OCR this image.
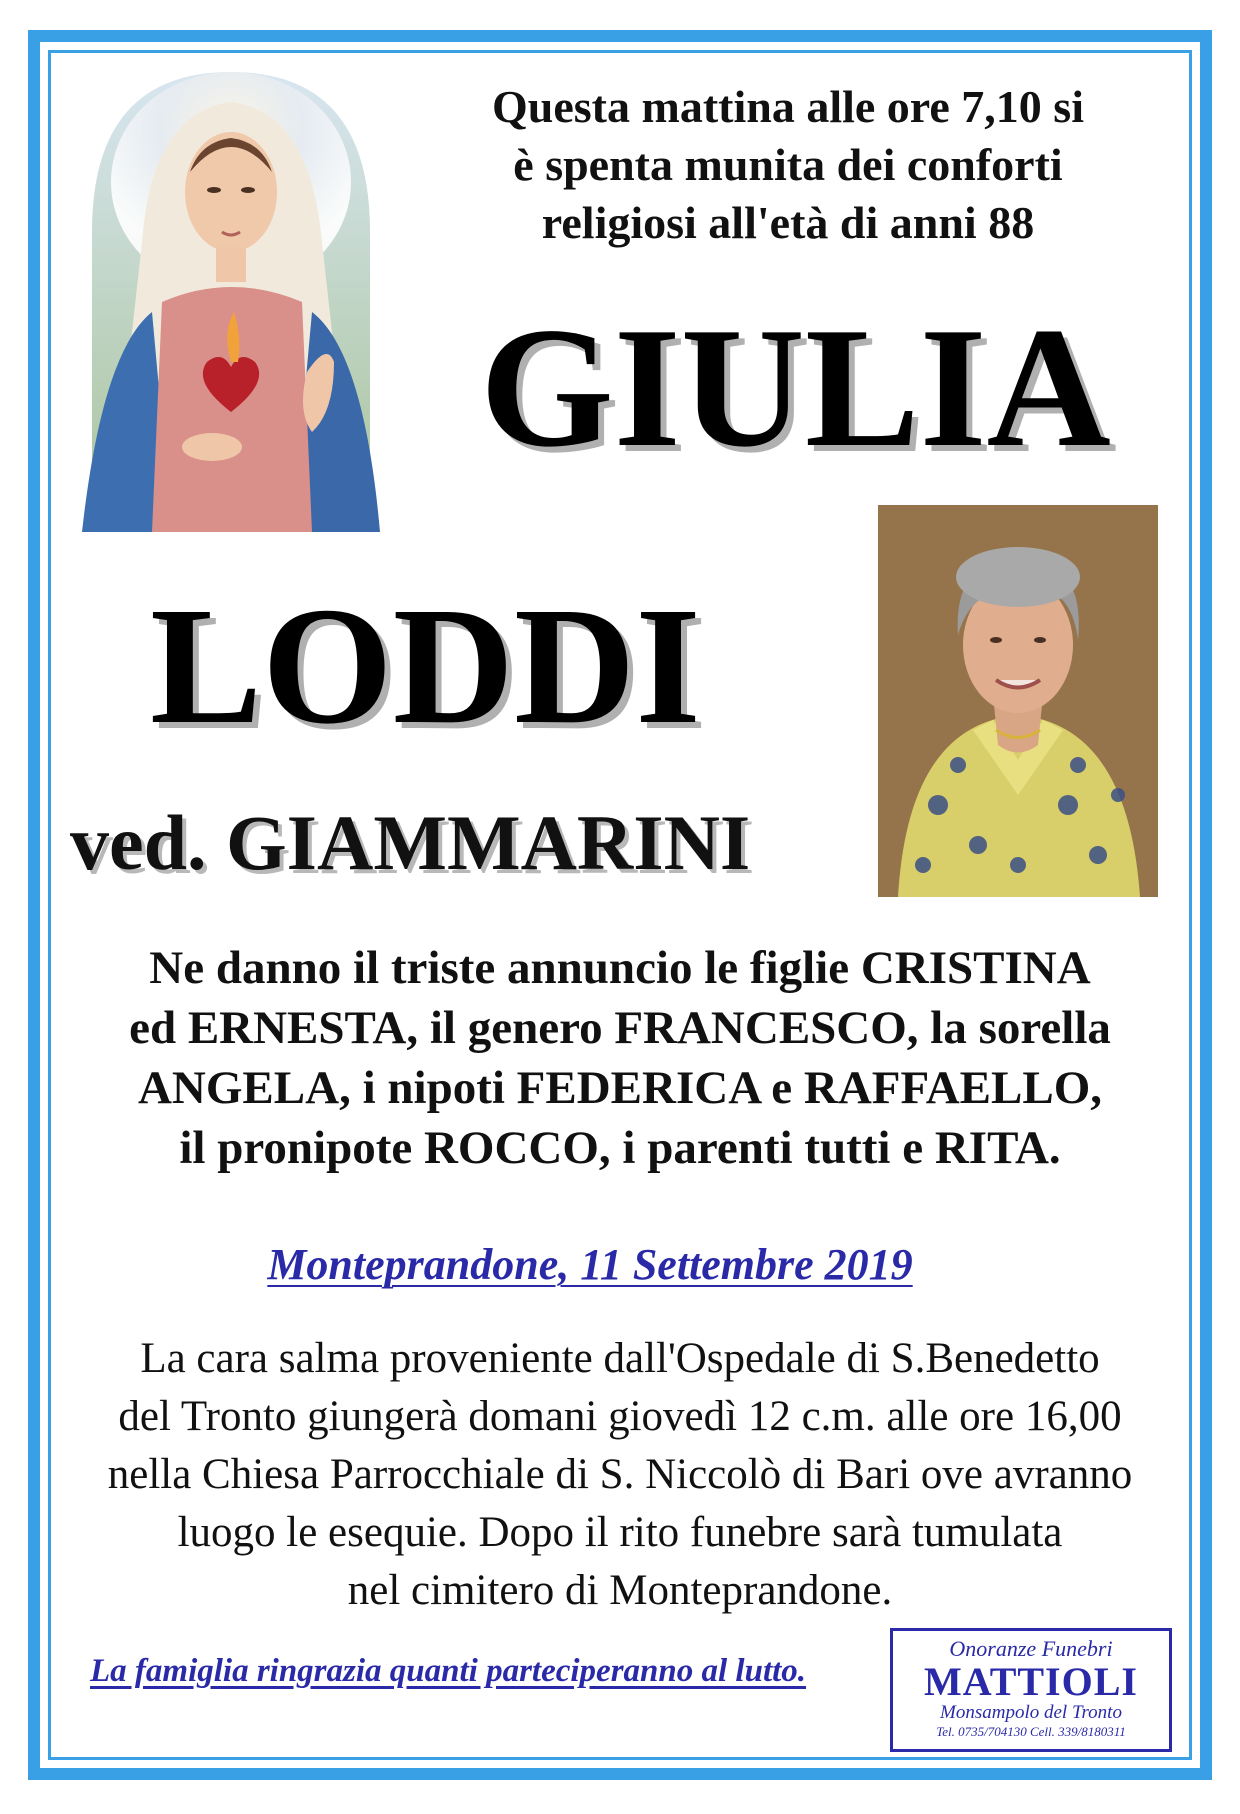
Questa mattina alle ore 7,10 si
è spenta munita dei conforti
religiosi all'età di anni 88
GIULIA
LODDI
ved. GIAMMARINI
Ne danno il triste annuncio le figlie CRISTINA
ed ERNESTA, il genero FRANCESCO, la sorella
ANGELA, i nipoti FEDERICA e RAFFAELLO,
il pronipote ROCCO, i parenti tutti e RITA.
Monteprandone, 11 Settembre 2019
La cara salma proveniente dall'Ospedale di S.Benedetto
del Tronto giungerà domani giovedì 12 c.m. alle ore 16,00
nella Chiesa Parrocchiale di S. Niccolò di Bari ove avranno
luogo le esequie. Dopo il rito funebre sarà tumulata
nel cimitero di Monteprandone.
La famiglia ringrazia quanti parteciperanno al lutto.
Onoranze Funebri
MATTIOLI
Monsampolo del Tronto
Tel. 0735/704130 Cell. 339/8180311
